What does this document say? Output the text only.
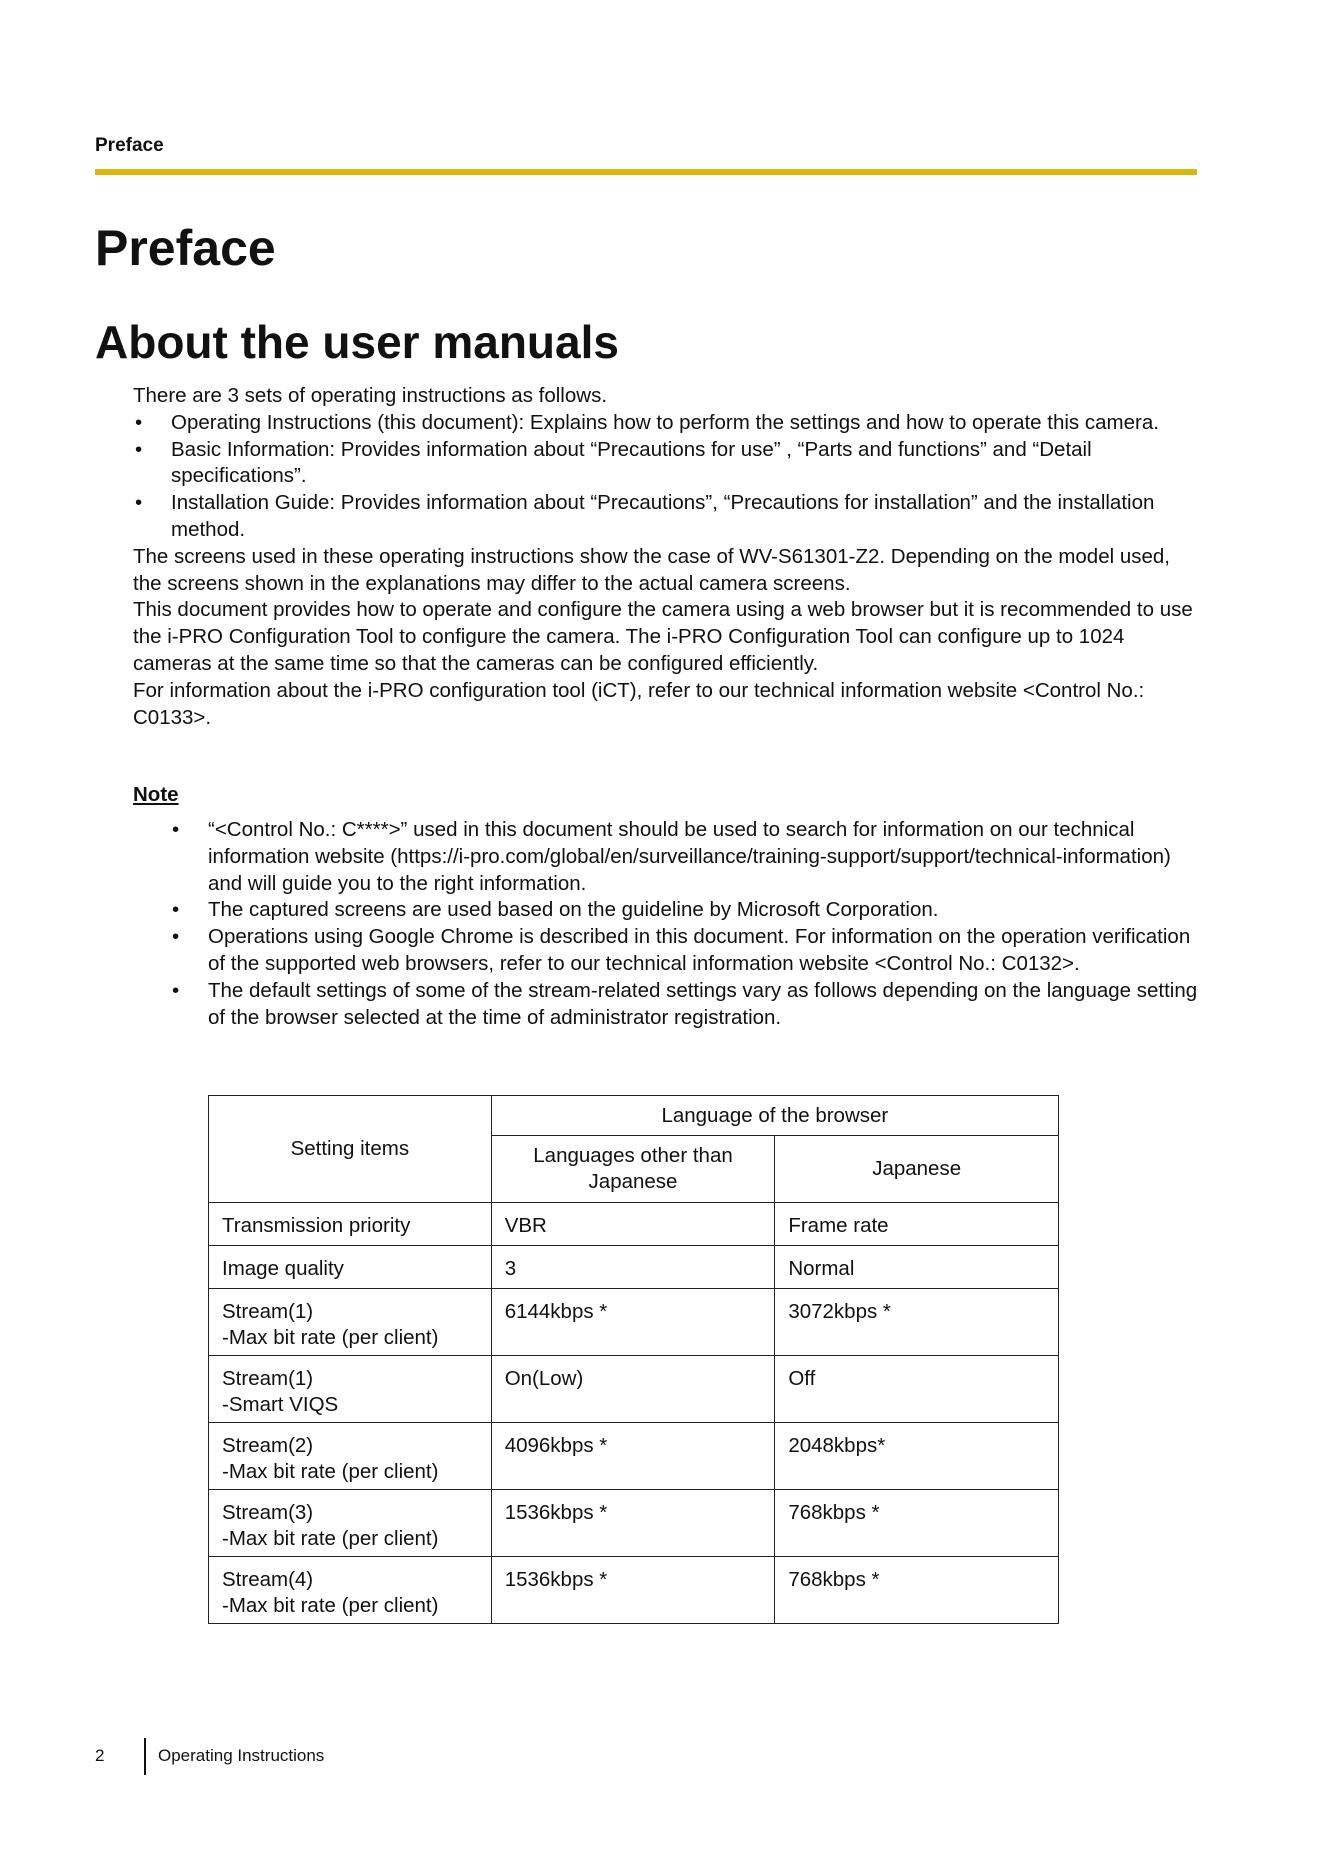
Preface
Preface
About the user manuals

There are 3 sets of operating instructions as follows.

• Operating Instructions (this document): Explains how to perform the settings and how to operate this camera.
• Basic Information: Provides information about “Precautions for use” , “Parts and functions” and “Detail specifications”.
• Installation Guide: Provides information about “Precautions”, “Precautions for installation” and the installation method.

The screens used in these operating instructions show the case of WV-S61301-Z2. Depending on the model used, the screens shown in the explanations may differ to the actual camera screens.

This document provides how to operate and configure the camera using a web browser but it is recommended to use the i-PRO Configuration Tool to configure the camera. The i-PRO Configuration Tool can configure up to 1024 cameras at the same time so that the cameras can be configured efficiently.

For information about the i-PRO configuration tool (iCT), refer to our technical information website <Control No.: C0133>.

Note
• “<Control No.: C****>” used in this document should be used to search for information on our technical information website (https://i-pro.com/global/en/surveillance/training-support/support/technical-information) and will guide you to the right information.
• The captured screens are used based on the guideline by Microsoft Corporation.
• Operations using Google Chrome is described in this document. For information on the operation verification of the supported web browsers, refer to our technical information website <Control No.: C0132>.
• The default settings of some of the stream-related settings vary as follows depending on the language setting of the browser selected at the time of administrator registration.
Setting items	Language of the browser	
	Languages other than Japanese	Japanese

Transmission priority	VBR	Frame rate

Image quality	3	Normal

Stream(1)
-Max bit rate (per client)	6144kbps *	3072kbps *

Stream(1)
-Smart VIQS	On(Low)	Off

Stream(2)
-Max bit rate (per client)	4096kbps *	2048kbps*

Stream(3)
-Max bit rate (per client)	1536kbps *	768kbps *

Stream(4)
-Max bit rate (per client)	1536kbps *	768kbps *
2	Operating Instructions
